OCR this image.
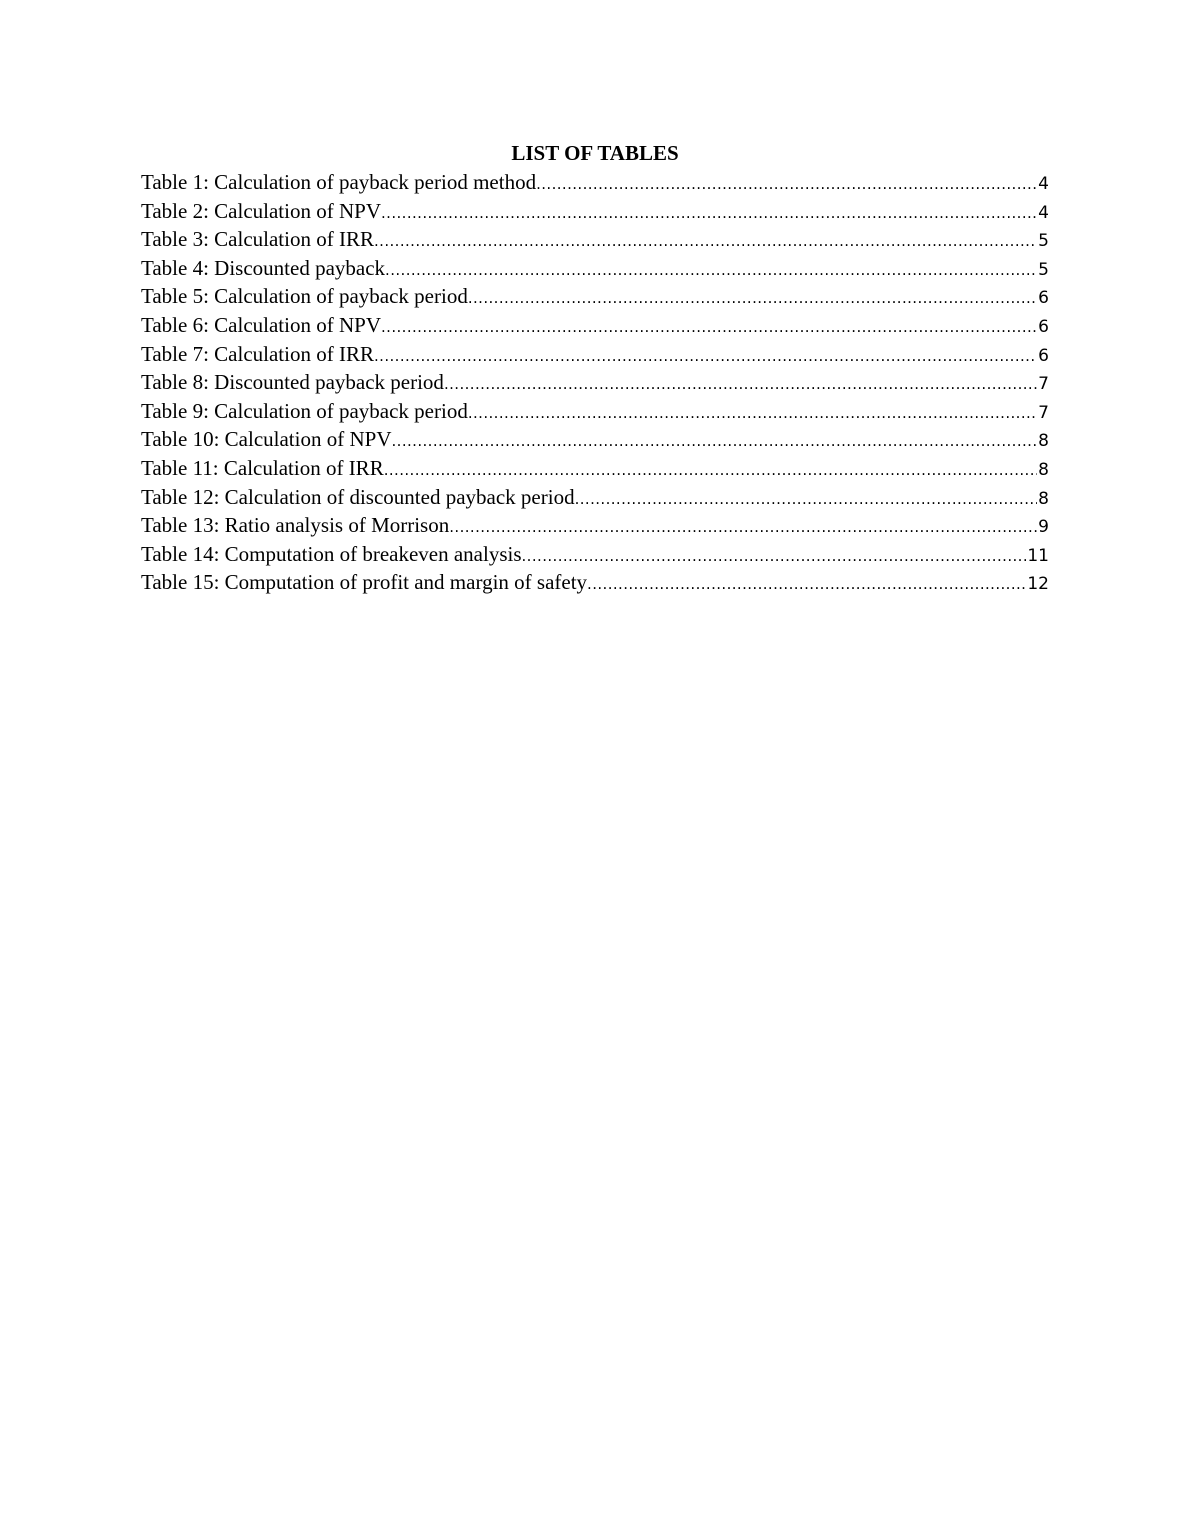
LIST OF TABLES
Table 1: Calculation of payback period method .....	4
Table 2: Calculation of NPV .....	4
Table 3: Calculation of IRR .....	5
Table 4: Discounted payback .....	5
Table 5: Calculation of payback period .....	6
Table 6: Calculation of NPV .....	6
Table 7: Calculation of IRR .....	6
Table 8: Discounted payback period .....	7
Table 9: Calculation of payback period .....	7
Table 10: Calculation of NPV .....	8
Table 11: Calculation of IRR .....	8
Table 12: Calculation of discounted payback period .....	8
Table 13: Ratio analysis of Morrison .....	9
Table 14: Computation of breakeven analysis .....	11
Table 15: Computation of profit and margin of safety .....	12
